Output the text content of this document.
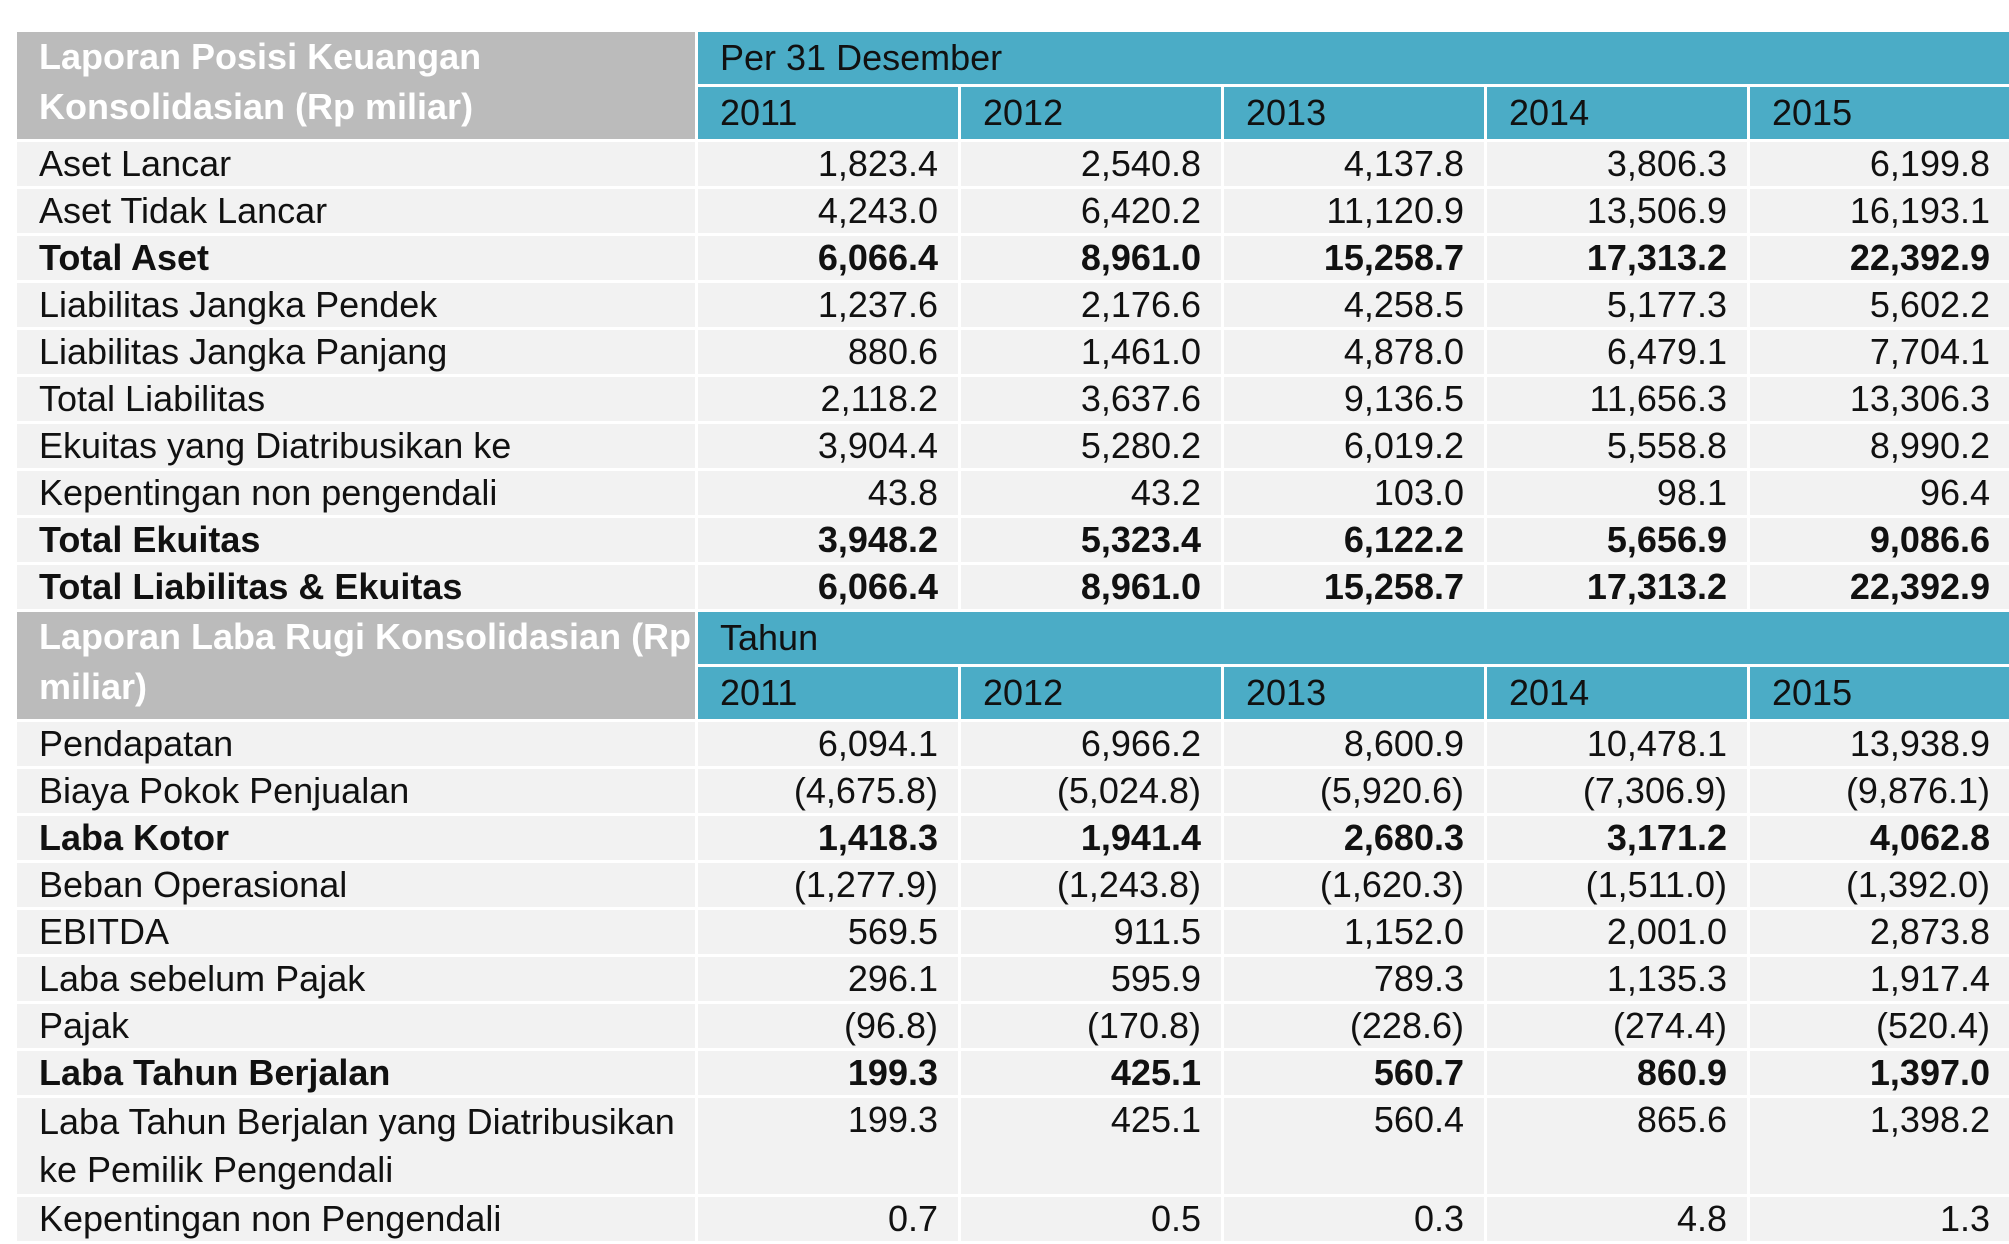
Laporan Posisi Keuangan Konsolidasian (Rp miliar)	Per 31 Desember				
	2011	2012	2013	2014	2015
Aset Lancar	1,823.4	2,540.8	4,137.8	3,806.3	6,199.8
Aset Tidak Lancar	4,243.0	6,420.2	11,120.9	13,506.9	16,193.1
Total Aset	6,066.4	8,961.0	15,258.7	17,313.2	22,392.9
Liabilitas Jangka Pendek	1,237.6	2,176.6	4,258.5	5,177.3	5,602.2
Liabilitas Jangka Panjang	880.6	1,461.0	4,878.0	6,479.1	7,704.1
Total Liabilitas	2,118.2	3,637.6	9,136.5	11,656.3	13,306.3
Ekuitas yang Diatribusikan ke	3,904.4	5,280.2	6,019.2	5,558.8	8,990.2
Kepentingan non pengendali	43.8	43.2	103.0	98.1	96.4
Total Ekuitas	3,948.2	5,323.4	6,122.2	5,656.9	9,086.6
Total Liabilitas & Ekuitas	6,066.4	8,961.0	15,258.7	17,313.2	22,392.9
Laporan Laba Rugi Konsolidasian (Rp miliar)	Tahun				
	2011	2012	2013	2014	2015
Pendapatan	6,094.1	6,966.2	8,600.9	10,478.1	13,938.9
Biaya Pokok Penjualan	(4,675.8)	(5,024.8)	(5,920.6)	(7,306.9)	(9,876.1)
Laba Kotor	1,418.3	1,941.4	2,680.3	3,171.2	4,062.8
Beban Operasional	(1,277.9)	(1,243.8)	(1,620.3)	(1,511.0)	(1,392.0)
EBITDA	569.5	911.5	1,152.0	2,001.0	2,873.8
Laba sebelum Pajak	296.1	595.9	789.3	1,135.3	1,917.4
Pajak	(96.8)	(170.8)	(228.6)	(274.4)	(520.4)
Laba Tahun Berjalan	199.3	425.1	560.7	860.9	1,397.0
Laba Tahun Berjalan yang Diatribusikan ke Pemilik Pengendali	199.3	425.1	560.4	865.6	1,398.2
Kepentingan non Pengendali	0.7	0.5	0.3	4.8	1.3
